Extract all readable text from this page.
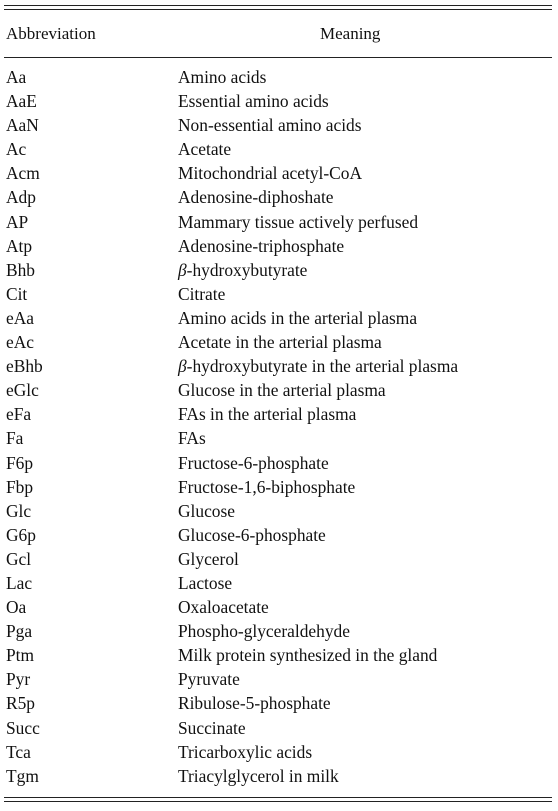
Abbreviation	Meaning
Aa	Amino acids
AaE	Essential amino acids
AaN	Non-essential amino acids
Ac	Acetate
Acm	Mitochondrial acetyl-CoA
Adp	Adenosine-diphoshate
AP	Mammary tissue actively perfused
Atp	Adenosine-triphosphate
Bhb	β-hydroxybutyrate
Cit	Citrate
eAa	Amino acids in the arterial plasma
eAc	Acetate in the arterial plasma
eBhb	β-hydroxybutyrate in the arterial plasma
eGlc	Glucose in the arterial plasma
eFa	FAs in the arterial plasma
Fa	FAs
F6p	Fructose-6-phosphate
Fbp	Fructose-1,6-biphosphate
Glc	Glucose
G6p	Glucose-6-phosphate
Gcl	Glycerol
Lac	Lactose
Oa	Oxaloacetate
Pga	Phospho-glyceraldehyde
Ptm	Milk protein synthesized in the gland
Pyr	Pyruvate
R5p	Ribulose-5-phosphate
Succ	Succinate
Tca	Tricarboxylic acids
Tgm	Triacylglycerol in milk
